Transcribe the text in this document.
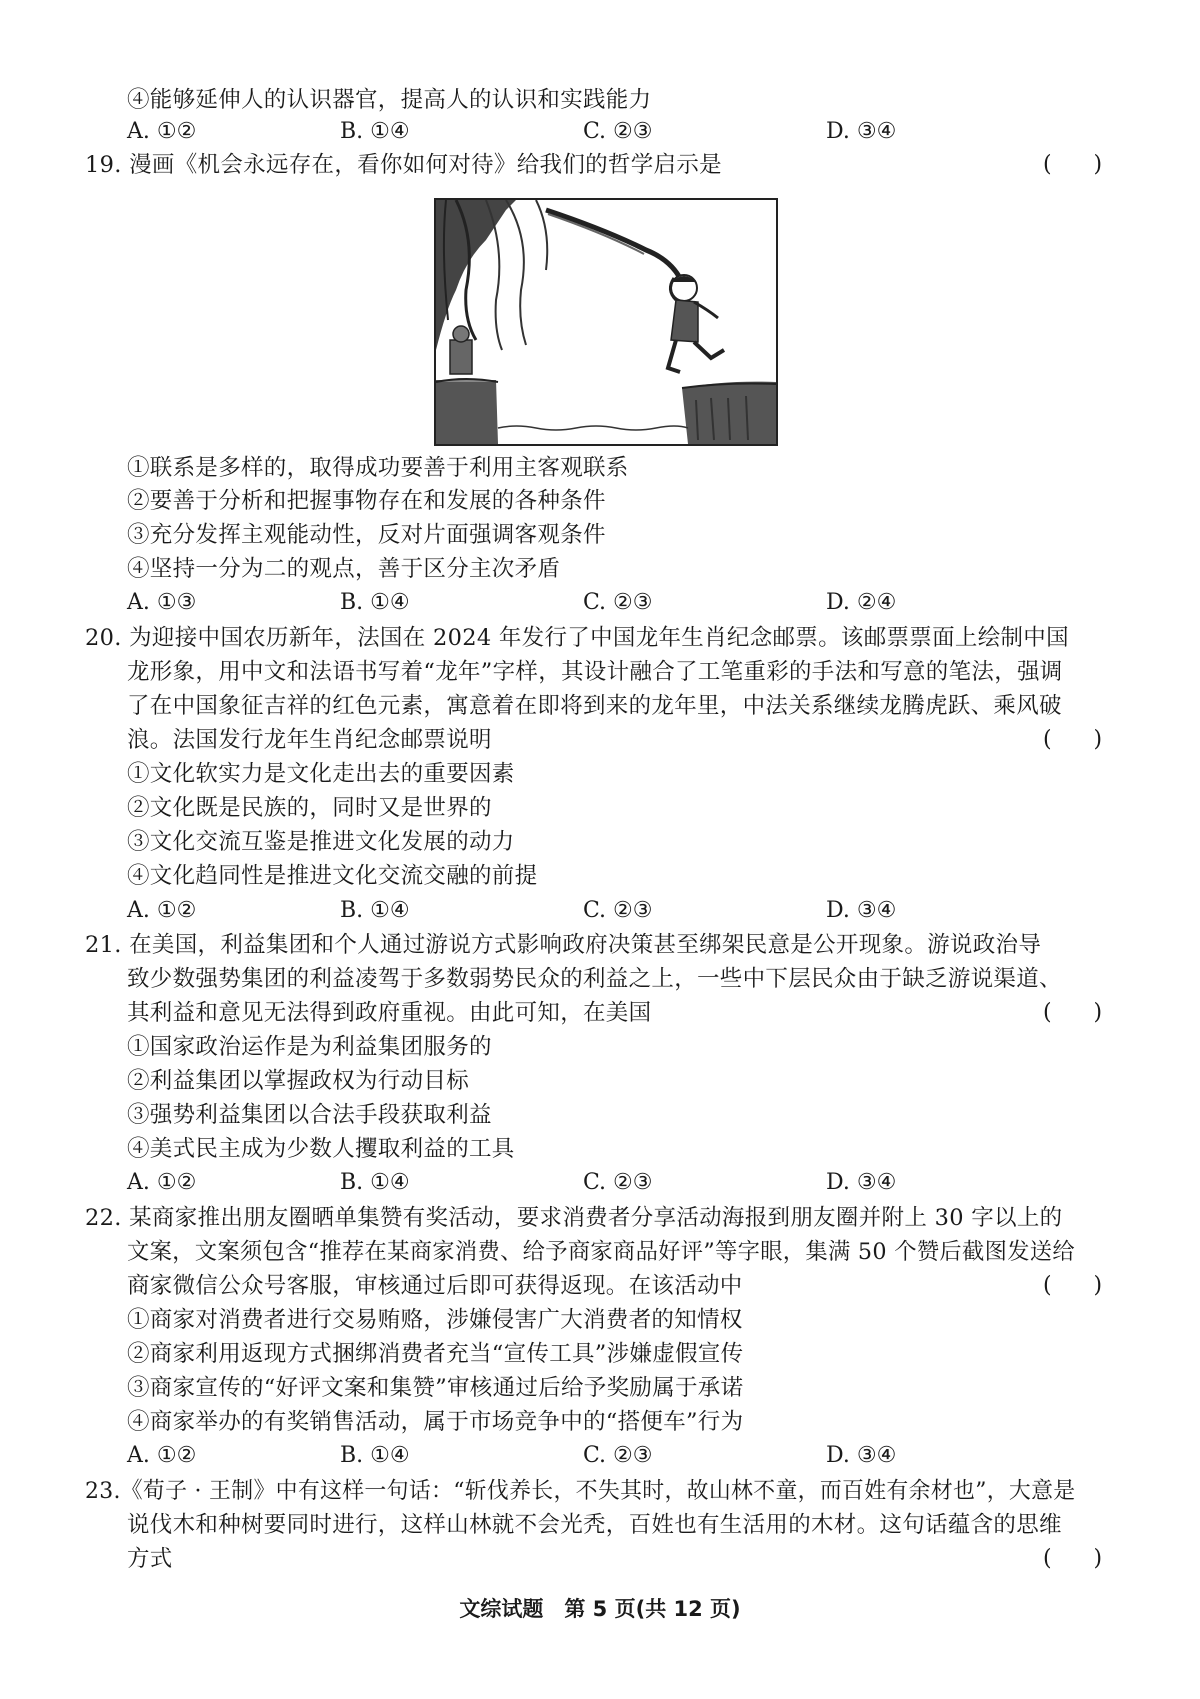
④能够延伸人的认识器官，提高人的认识和实践能力
A. ①②	B. ①④	C. ②③	D. ③④
19. 漫画《机会永远存在，看你如何对待》给我们的哲学启示是	(      )
①联系是多样的，取得成功要善于利用主客观联系
②要善于分析和把握事物存在和发展的各种条件
③充分发挥主观能动性，反对片面强调客观条件
④坚持一分为二的观点，善于区分主次矛盾
A. ①③	B. ①④	C. ②③	D. ②④
20. 为迎接中国农历新年，法国在 2024 年发行了中国龙年生肖纪念邮票。该邮票票面上绘制中国
龙形象，用中文和法语书写着“龙年”字样，其设计融合了工笔重彩的手法和写意的笔法，强调
了在中国象征吉祥的红色元素，寓意着在即将到来的龙年里，中法关系继续龙腾虎跃、乘风破
浪。法国发行龙年生肖纪念邮票说明	(      )
①文化软实力是文化走出去的重要因素
②文化既是民族的，同时又是世界的
③文化交流互鉴是推进文化发展的动力
④文化趋同性是推进文化交流交融的前提
A. ①②	B. ①④	C. ②③	D. ③④
21. 在美国，利益集团和个人通过游说方式影响政府决策甚至绑架民意是公开现象。游说政治导
致少数强势集团的利益凌驾于多数弱势民众的利益之上，一些中下层民众由于缺乏游说渠道、
其利益和意见无法得到政府重视。由此可知，在美国	(      )
①国家政治运作是为利益集团服务的
②利益集团以掌握政权为行动目标
③强势利益集团以合法手段获取利益
④美式民主成为少数人攫取利益的工具
A. ①②	B. ①④	C. ②③	D. ③④
22. 某商家推出朋友圈晒单集赞有奖活动，要求消费者分享活动海报到朋友圈并附上 30 字以上的
文案，文案须包含“推荐在某商家消费、给予商家商品好评”等字眼，集满 50 个赞后截图发送给
商家微信公众号客服，审核通过后即可获得返现。在该活动中	(      )
①商家对消费者进行交易贿赂，涉嫌侵害广大消费者的知情权
②商家利用返现方式捆绑消费者充当“宣传工具”涉嫌虚假宣传
③商家宣传的“好评文案和集赞”审核通过后给予奖励属于承诺
④商家举办的有奖销售活动，属于市场竞争中的“搭便车”行为
A. ①②	B. ①④	C. ②③	D. ③④
23.《荀子 · 王制》中有这样一句话：“斩伐养长，不失其时，故山林不童，而百姓有余材也”，大意是
说伐木和种树要同时进行，这样山林就不会光秃，百姓也有生活用的木材。这句话蕴含的思维
方式	(      )
文综试题　第 5 页(共 12 页)
